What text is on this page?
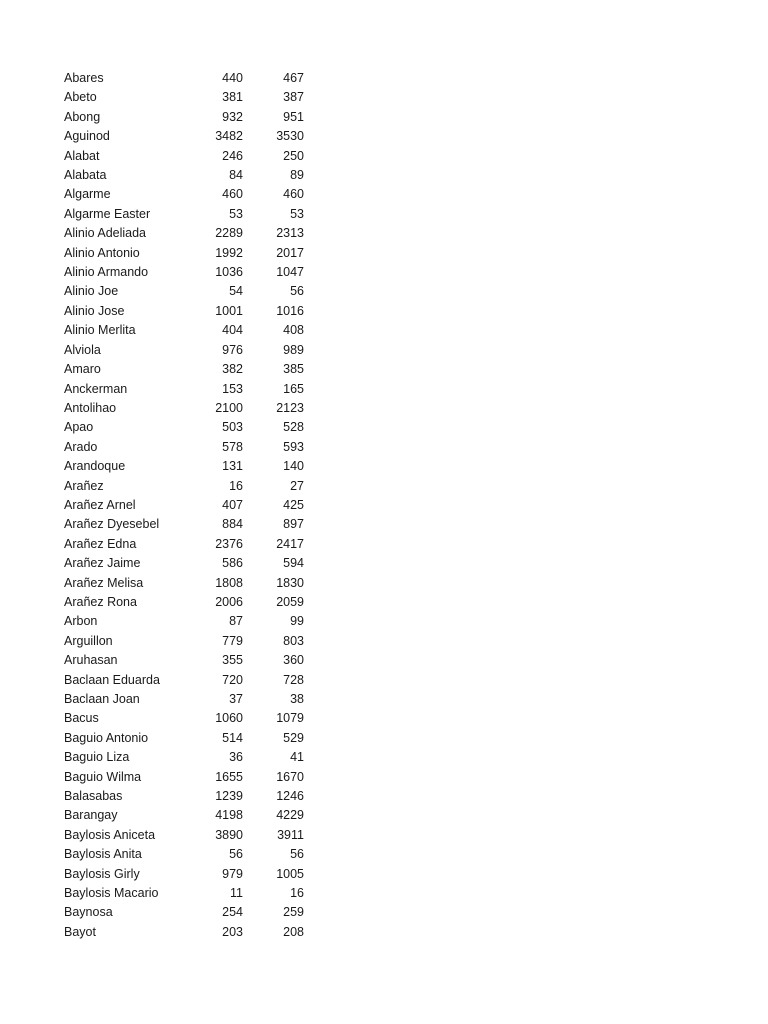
Abares	440	467
Abeto	381	387
Abong	932	951
Aguinod	3482	3530
Alabat	246	250
Alabata	84	89
Algarme	460	460
Algarme Easter	53	53
Alinio Adeliada	2289	2313
Alinio Antonio	1992	2017
Alinio Armando	1036	1047
Alinio Joe	54	56
Alinio Jose	1001	1016
Alinio Merlita	404	408
Alviola	976	989
Amaro	382	385
Anckerman	153	165
Antolihao	2100	2123
Apao	503	528
Arado	578	593
Arandoque	131	140
Arañez	16	27
Arañez Arnel	407	425
Arañez Dyesebel	884	897
Arañez Edna	2376	2417
Arañez Jaime	586	594
Arañez Melisa	1808	1830
Arañez Rona	2006	2059
Arbon	87	99
Arguillon	779	803
Aruhasan	355	360
Baclaan Eduarda	720	728
Baclaan Joan	37	38
Bacus	1060	1079
Baguio Antonio	514	529
Baguio Liza	36	41
Baguio Wilma	1655	1670
Balasabas	1239	1246
Barangay	4198	4229
Baylosis Aniceta	3890	3911
Baylosis Anita	56	56
Baylosis Girly	979	1005
Baylosis Macario	11	16
Baynosa	254	259
Bayot	203	208
